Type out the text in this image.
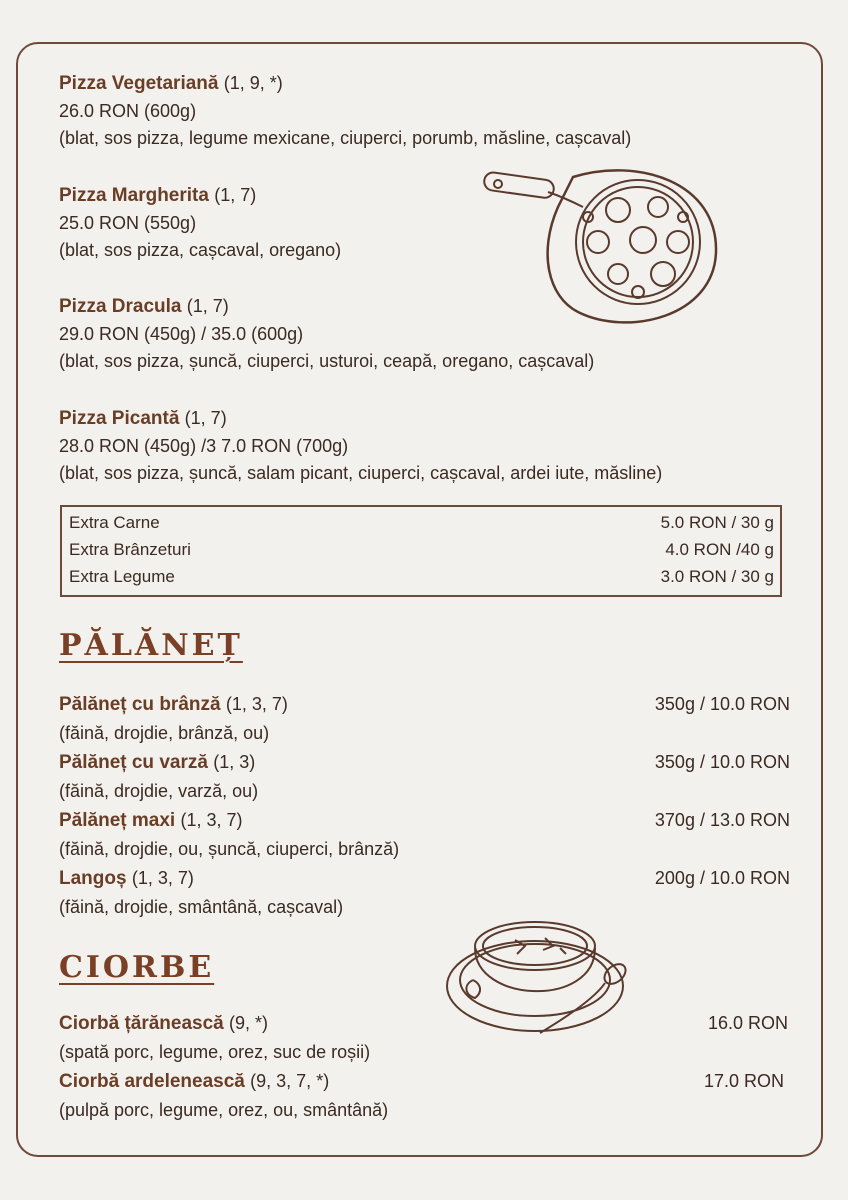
Pizza Vegetariană (1, 9, *)
26.0 RON (600g)
(blat, sos pizza, legume mexicane, ciuperci, porumb, măsline, cașcaval)
Pizza Margherita (1, 7)
25.0 RON (550g)
(blat, sos pizza, cașcaval, oregano)
Pizza Dracula (1, 7)
29.0 RON (450g) / 35.0 (600g)
(blat, sos pizza, șuncă, ciuperci, usturoi, ceapă, oregano, cașcaval)
Pizza Picantă (1, 7)
28.0 RON (450g) /3 7.0 RON (700g)
(blat, sos pizza, șuncă, salam picant, ciuperci, cașcaval, ardei iute, măsline)
Extra Carne	5.0 RON / 30 g
Extra Brânzeturi	4.0 RON /40 g
Extra Legume	3.0 RON / 30 g
PĂLĂNEȚ
Pălăneț cu brânză (1, 3, 7)
(făină, drojdie, brânză, ou)
350g / 10.0 RON
Pălăneț cu varză (1, 3)
(făină, drojdie, varză, ou)
350g / 10.0 RON
Pălăneț maxi (1, 3, 7)
(făină, drojdie, ou, șuncă, ciuperci, brânză)
370g / 13.0 RON
Langoș (1, 3, 7)
(făină, drojdie, smântână, cașcaval)
200g / 10.0 RON
CIORBE
Ciorbă țărănească (9, *)
(spată porc, legume, orez, suc de roșii)
16.0 RON
Ciorbă ardelenească (9, 3, 7, *)
(pulpă porc, legume, orez, ou, smântână)
17.0 RON
